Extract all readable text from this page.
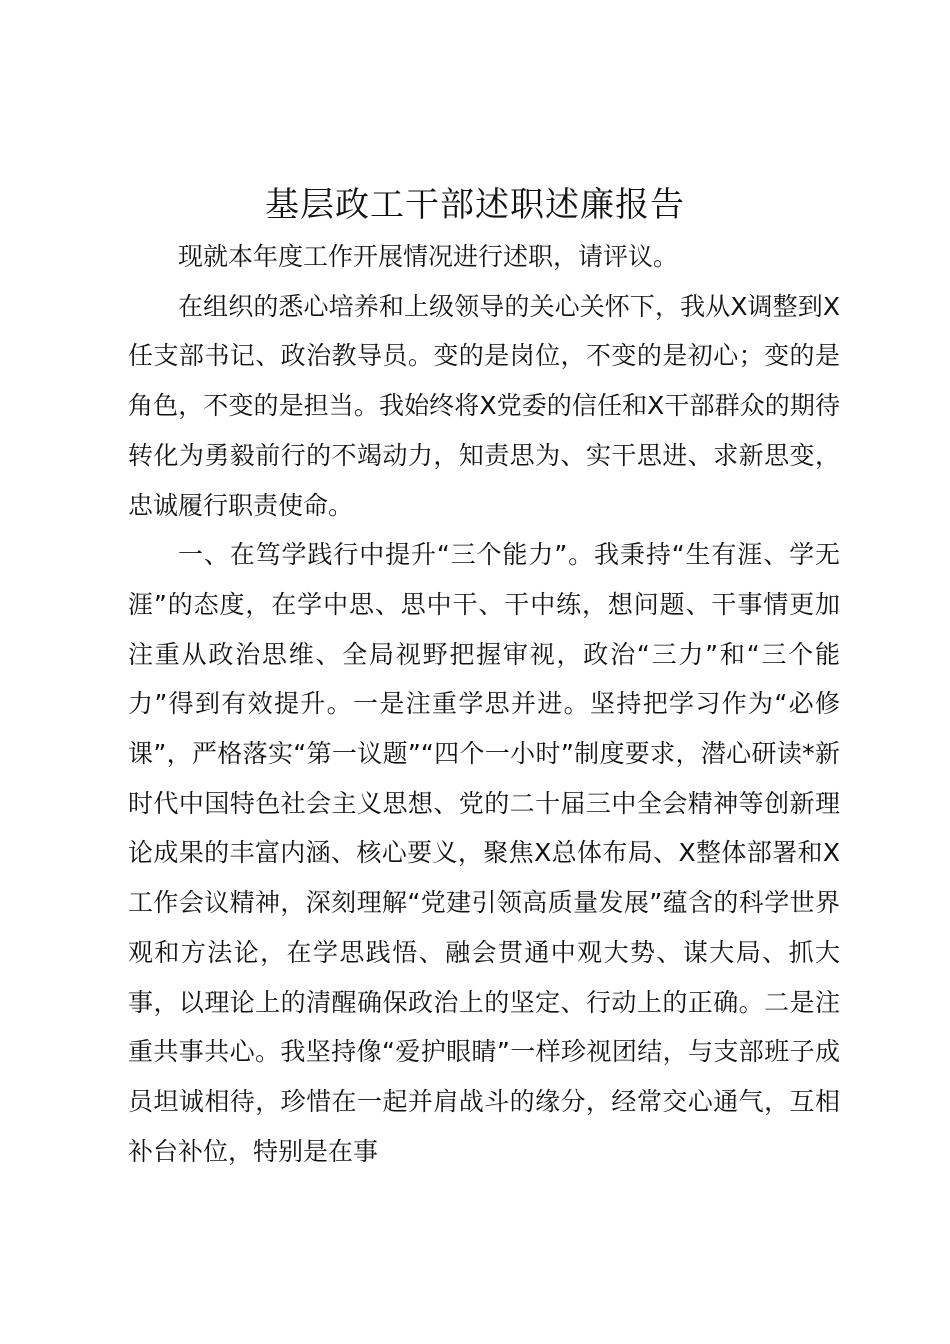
基层政工干部述职述廉报告

现就本年度工作开展情况进行述职，请评议。

在组织的悉心培养和上级领导的关心关怀下，我从X调整到X任支部书记、政治教导员。变的是岗位，不变的是初心；变的是角色，不变的是担当。我始终将X党委的信任和X干部群众的期待转化为勇毅前行的不竭动力，知责思为、实干思进、求新思变，忠诚履行职责使命。

一、在笃学践行中提升“三个能力”。我秉持“生有涯、学无涯”的态度，在学中思、思中干、干中练，想问题、干事情更加注重从政治思维、全局视野把握审视，政治“三力”和“三个能力”得到有效提升。一是注重学思并进。坚持把学习作为“必修课”，严格落实“第一议题”“四个一小时”制度要求，潜心研读*新时代中国特色社会主义思想、党的二十届三中全会精神等创新理论成果的丰富内涵、核心要义，聚焦X总体布局、X整体部署和X工作会议精神，深刻理解“党建引领高质量发展”蕴含的科学世界观和方法论，在学思践悟、融会贯通中观大势、谋大局、抓大事，以理论上的清醒确保政治上的坚定、行动上的正确。二是注重共事共心。我坚持像“爱护眼睛”一样珍视团结，与支部班子成员坦诚相待，珍惜在一起并肩战斗的缘分，经常交心通气，互相补台补位，特别是在事
